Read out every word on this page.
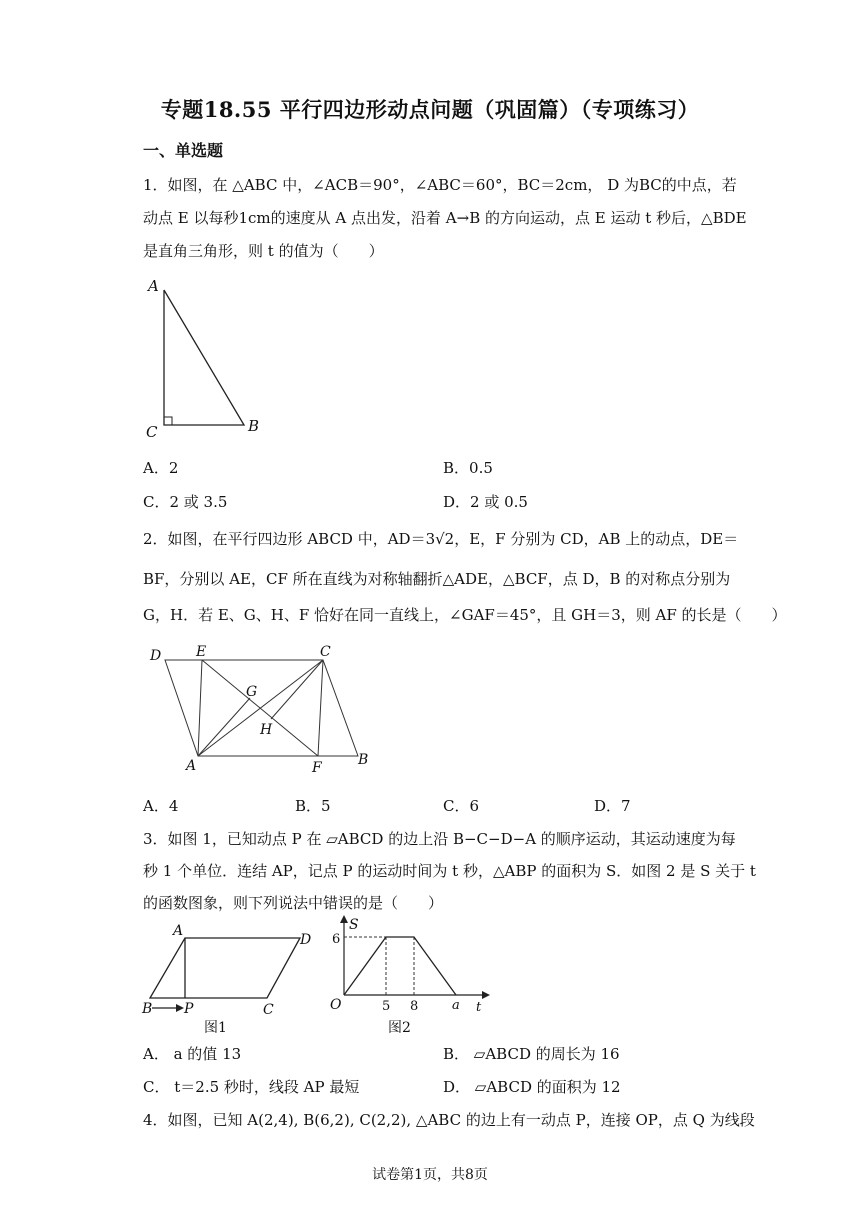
专题18.55 平行四边形动点问题（巩固篇）（专项练习）
一、单选题
1．如图，在 △ABC 中，∠ACB＝90°，∠ABC＝60°，BC＝2cm， D 为BC的中点，若
动点 E 以每秒1cm的速度从 A 点出发，沿着 A→B 的方向运动，点 E 运动 t 秒后，△BDE
是直角三角形，则 t 的值为（　　）
A
B
C
A．2	B．0.5
C．2 或 3.5	D．2 或 0.5
2．如图，在平行四边形 ABCD 中，AD＝3√2，E，F 分别为 CD，AB 上的动点，DE＝
BF，分别以 AE，CF 所在直线为对称轴翻折△ADE，△BCF，点 D，B 的对称点分别为
G，H．若 E、G、H、F 恰好在同一直线上，∠GAF＝45°，且 GH＝3，则 AF 的长是（　　）
D E	C
G
H
A	F	B
A．4	B．5	C．6	D．7
3．如图 1，已知动点 P 在 ▱ABCD 的边上沿 B−C−D−A 的顺序运动，其运动速度为每
秒 1 个单位．连结 AP，记点 P 的运动时间为 t 秒，△ABP 的面积为 S．如图 2 是 S 关于 t
的函数图象，则下列说法中错误的是（　　）
A
D
B P	C
图1
S
6
O	5 8	a t
图2
A． a 的值 13	B． ▱ABCD 的周长为 16
C． t＝2.5 秒时，线段 AP 最短	D． ▱ABCD 的面积为 12
4．如图，已知 A(2,4), B(6,2), C(2,2), △ABC 的边上有一动点 P，连接 OP，点 Q 为线段
试卷第1页，共8页
